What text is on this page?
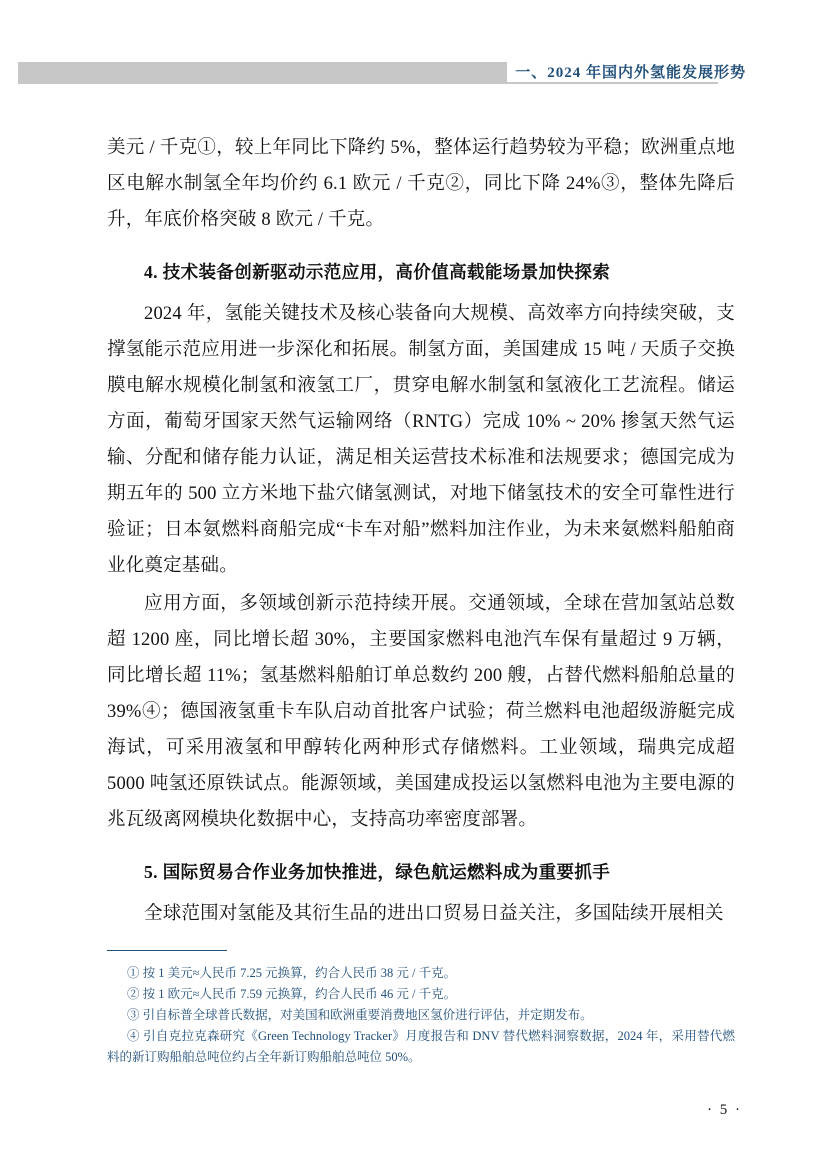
一、2024 年国内外氢能发展形势

美元 / 千克①，较上年同比下降约 5%，整体运行趋势较为平稳；欧洲重点地区电解水制氢全年均价约 6.1 欧元 / 千克②，同比下降 24%③，整体先降后升，年底价格突破 8 欧元 / 千克。

4. 技术装备创新驱动示范应用，高价值高载能场景加快探索

2024 年，氢能关键技术及核心装备向大规模、高效率方向持续突破，支撑氢能示范应用进一步深化和拓展。制氢方面，美国建成 15 吨 / 天质子交换膜电解水规模化制氢和液氢工厂，贯穿电解水制氢和氢液化工艺流程。储运方面，葡萄牙国家天然气运输网络（RNTG）完成 10% ~ 20% 掺氢天然气运输、分配和储存能力认证，满足相关运营技术标准和法规要求；德国完成为期五年的 500 立方米地下盐穴储氢测试，对地下储氢技术的安全可靠性进行验证；日本氨燃料商船完成“卡车对船”燃料加注作业，为未来氨燃料船舶商业化奠定基础。

应用方面，多领域创新示范持续开展。交通领域，全球在营加氢站总数超 1200 座，同比增长超 30%，主要国家燃料电池汽车保有量超过 9 万辆，同比增长超 11%；氢基燃料船舶订单总数约 200 艘，占替代燃料船舶总量的 39%④；德国液氢重卡车队启动首批客户试验；荷兰燃料电池超级游艇完成海试，可采用液氢和甲醇转化两种形式存储燃料。工业领域，瑞典完成超 5000 吨氢还原铁试点。能源领域，美国建成投运以氢燃料电池为主要电源的兆瓦级离网模块化数据中心，支持高功率密度部署。

5. 国际贸易合作业务加快推进，绿色航运燃料成为重要抓手

全球范围对氢能及其衍生品的进出口贸易日益关注，多国陆续开展相关

① 按 1 美元≈人民币 7.25 元换算，约合人民币 38 元 / 千克。

② 按 1 欧元≈人民币 7.59 元换算，约合人民币 46 元 / 千克。

③ 引自标普全球普氏数据，对美国和欧洲重要消费地区氢价进行评估，并定期发布。

④ 引自克拉克森研究《Green Technology Tracker》月度报告和 DNV 替代燃料洞察数据，2024 年，采用替代燃料的新订购船舶总吨位约占全年新订购船舶总吨位 50%。

· 5 ·
